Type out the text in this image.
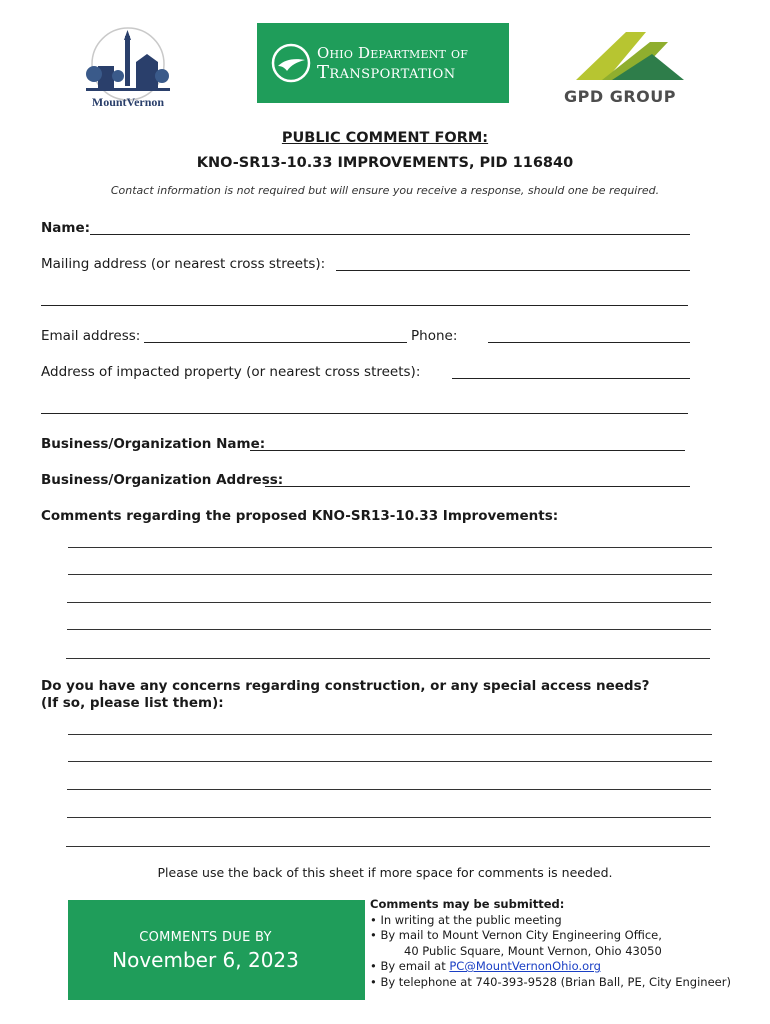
MountVernon
Ohio Department of
Transportation
GPD GROUP
PUBLIC COMMENT FORM:
KNO-SR13-10.33 IMPROVEMENTS, PID 116840
Contact information is not required but will ensure you receive a response, should one be required.
Name:
Mailing address (or nearest cross streets):
Email address:	Phone:
Address of impacted property (or nearest cross streets):
Business/Organization Name:
Business/Organization Address:
Comments regarding the proposed KNO-SR13-10.33 Improvements:
Do you have any concerns regarding construction, or any special access needs?
(If so, please list them):
Please use the back of this sheet if more space for comments is needed.
COMMENTS DUE BY
November 6, 2023
Comments may be submitted:
• In writing at the public meeting
• By mail to Mount Vernon City Engineering Office,
40 Public Square, Mount Vernon, Ohio 43050
• By email at PC@MountVernonOhio.org
• By telephone at 740-393-9528 (Brian Ball, PE, City Engineer)
